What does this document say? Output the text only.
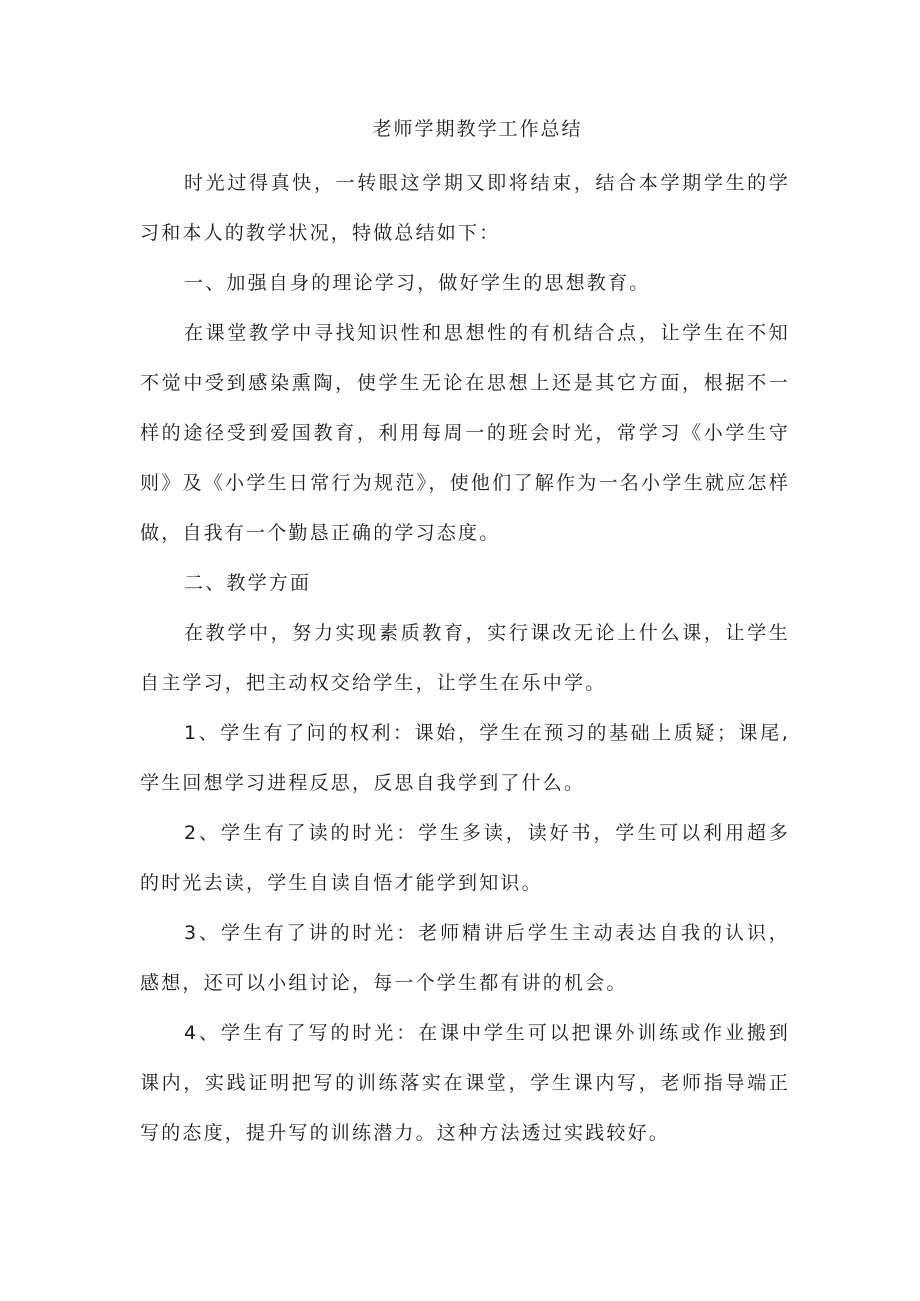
老师学期教学工作总结

时光过得真快，一转眼这学期又即将结束，结合本学期学生的学习和本人的教学状况，特做总结如下：

一、加强自身的理论学习，做好学生的思想教育。

在课堂教学中寻找知识性和思想性的有机结合点，让学生在不知不觉中受到感染熏陶，使学生无论在思想上还是其它方面，根据不一样的途径受到爱国教育，利用每周一的班会时光，常学习《小学生守则》及《小学生日常行为规范》，使他们了解作为一名小学生就应怎样做，自我有一个勤恳正确的学习态度。

二、教学方面

在教学中，努力实现素质教育，实行课改无论上什么课，让学生自主学习，把主动权交给学生，让学生在乐中学。

1、学生有了问的权利：课始，学生在预习的基础上质疑；课尾,学生回想学习进程反思，反思自我学到了什么。

2、学生有了读的时光：学生多读，读好书，学生可以利用超多的时光去读，学生自读自悟才能学到知识。

3、学生有了讲的时光：老师精讲后学生主动表达自我的认识，感想，还可以小组讨论，每一个学生都有讲的机会。

4、学生有了写的时光：在课中学生可以把课外训练或作业搬到课内，实践证明把写的训练落实在课堂，学生课内写，老师指导端正写的态度，提升写的训练潜力。这种方法透过实践较好。
